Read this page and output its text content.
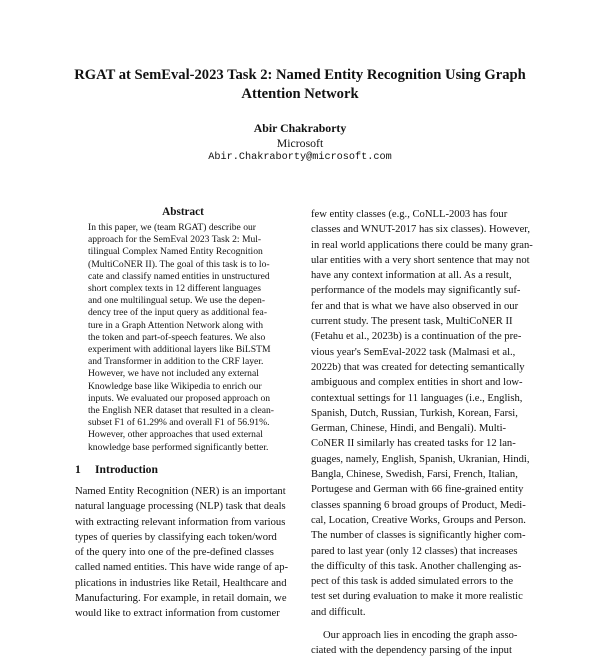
RGAT at SemEval-2023 Task 2: Named Entity Recognition Using Graph
Attention Network
Abir Chakraborty
Microsoft
Abir.Chakraborty@microsoft.com
Abstract
In this paper, we (team RGAT) describe our
approach for the SemEval 2023 Task 2: Mul-
tilingual Complex Named Entity Recognition
(MultiCoNER II). The goal of this task is to lo-
cate and classify named entities in unstructured
short complex texts in 12 different languages
and one multilingual setup. We use the depen-
dency tree of the input query as additional fea-
ture in a Graph Attention Network along with
the token and part-of-speech features. We also
experiment with additional layers like BiLSTM
and Transformer in addition to the CRF layer.
However, we have not included any external
Knowledge base like Wikipedia to enrich our
inputs. We evaluated our proposed approach on
the English NER dataset that resulted in a clean-
subset F1 of 61.29% and overall F1 of 56.91%.
However, other approaches that used external
knowledge base performed significantly better.
1 Introduction
Named Entity Recognition (NER) is an important
natural language processing (NLP) task that deals
with extracting relevant information from various
types of queries by classifying each token/word
of the query into one of the pre-defined classes
called named entities. This have wide range of ap-
plications in industries like Retail, Healthcare and
Manufacturing. For example, in retail domain, we
would like to extract information from customer
few entity classes (e.g., CoNLL-2003 has four
classes and WNUT-2017 has six classes). However,
in real world applications there could be many gran-
ular entities with a very short sentence that may not
have any context information at all. As a result,
performance of the models may significantly suf-
fer and that is what we have also observed in our
current study. The present task, MultiCoNER II
(Fetahu et al., 2023b) is a continuation of the pre-
vious year's SemEval-2022 task (Malmasi et al.,
2022b) that was created for detecting semantically
ambiguous and complex entities in short and low-
contextual settings for 11 languages (i.e., English,
Spanish, Dutch, Russian, Turkish, Korean, Farsi,
German, Chinese, Hindi, and Bengali). Multi-
CoNER II similarly has created tasks for 12 lan-
guages, namely, English, Spanish, Ukranian, Hindi,
Bangla, Chinese, Swedish, Farsi, French, Italian,
Portugese and German with 66 fine-grained entity
classes spanning 6 broad groups of Product, Medi-
cal, Location, Creative Works, Groups and Person.
The number of classes is significantly higher com-
pared to last year (only 12 classes) that increases
the difficulty of this task. Another challenging as-
pect of this task is added simulated errors to the
test set during evaluation to make it more realistic
and difficult.
Our approach lies in encoding the graph asso-
ciated with the dependency parsing of the input
